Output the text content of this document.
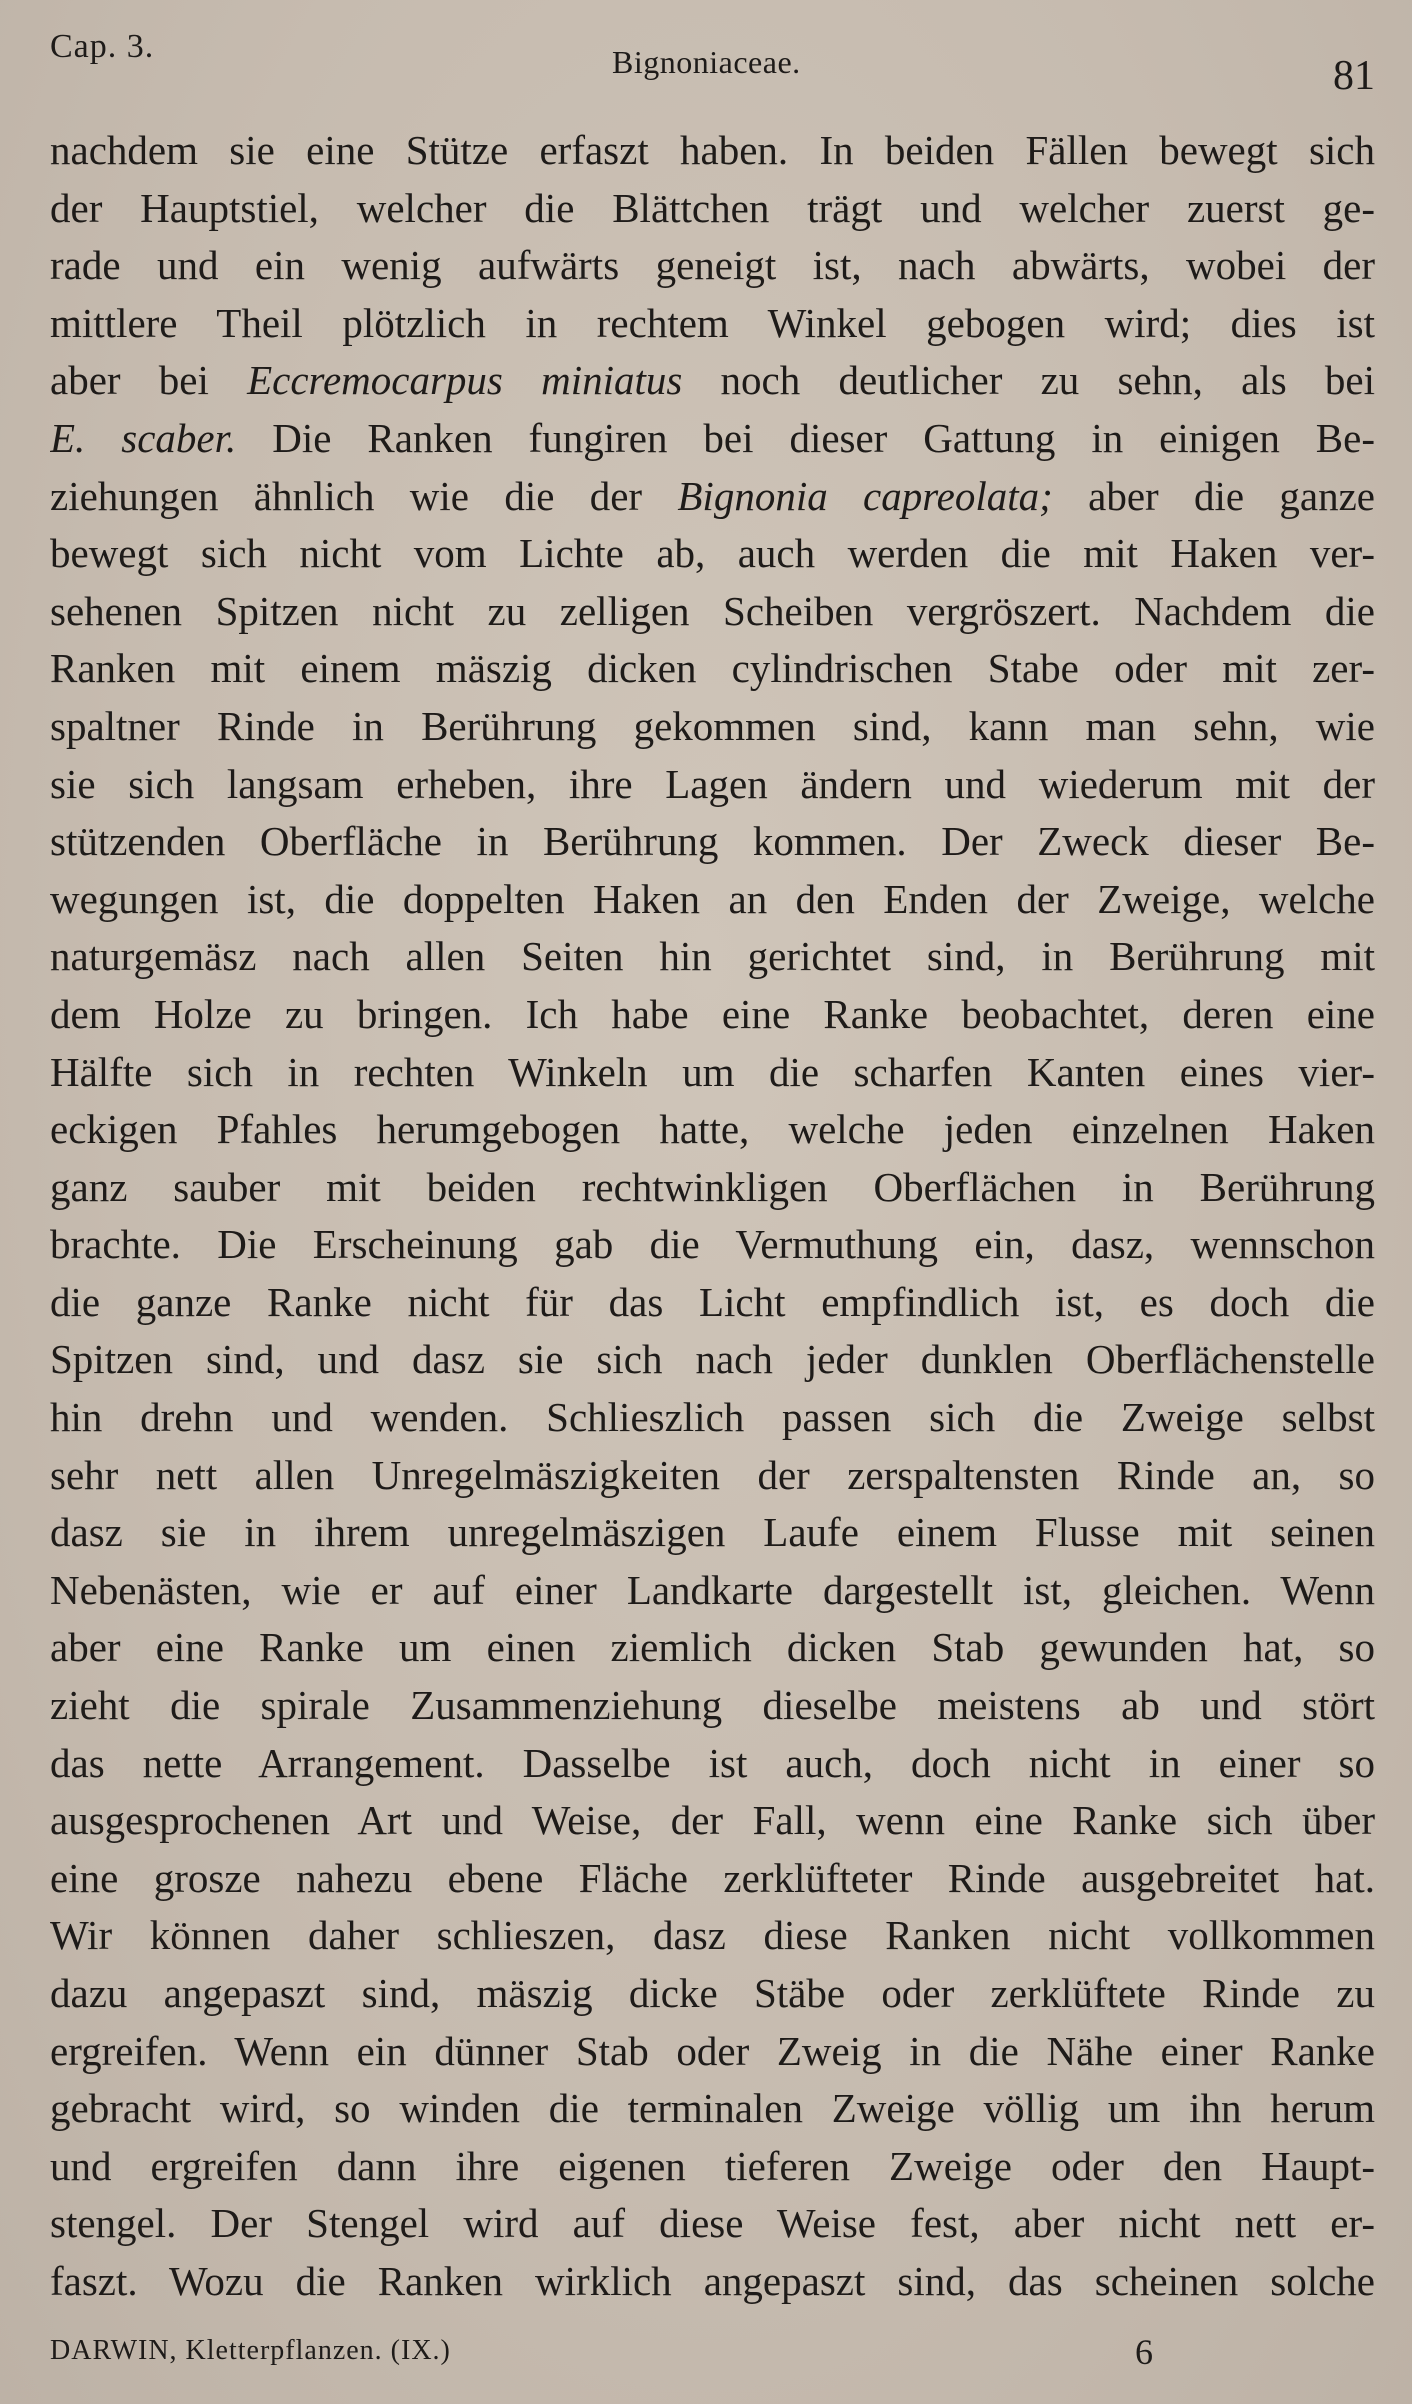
Cap. 3.	Bignoniaceae.	81
nachdem sie eine Stütze erfaszt haben. In beiden Fällen bewegt sich
der Hauptstiel, welcher die Blättchen trägt und welcher zuerst ge-
rade und ein wenig aufwärts geneigt ist, nach abwärts, wobei der
mittlere Theil plötzlich in rechtem Winkel gebogen wird; dies ist
aber bei Eccremocarpus miniatus noch deutlicher zu sehn, als bei
E. scaber. Die Ranken fungiren bei dieser Gattung in einigen Be-
ziehungen ähnlich wie die der Bignonia capreolata; aber die ganze
bewegt sich nicht vom Lichte ab, auch werden die mit Haken ver-
sehenen Spitzen nicht zu zelligen Scheiben vergröszert. Nachdem die
Ranken mit einem mäszig dicken cylindrischen Stabe oder mit zer-
spaltner Rinde in Berührung gekommen sind, kann man sehn, wie
sie sich langsam erheben, ihre Lagen ändern und wiederum mit der
stützenden Oberfläche in Berührung kommen. Der Zweck dieser Be-
wegungen ist, die doppelten Haken an den Enden der Zweige, welche
naturgemäsz nach allen Seiten hin gerichtet sind, in Berührung mit
dem Holze zu bringen. Ich habe eine Ranke beobachtet, deren eine
Hälfte sich in rechten Winkeln um die scharfen Kanten eines vier-
eckigen Pfahles herumgebogen hatte, welche jeden einzelnen Haken
ganz sauber mit beiden rechtwinkligen Oberflächen in Berührung
brachte. Die Erscheinung gab die Vermuthung ein, dasz, wennschon
die ganze Ranke nicht für das Licht empfindlich ist, es doch die
Spitzen sind, und dasz sie sich nach jeder dunklen Oberflächenstelle
hin drehn und wenden. Schlieszlich passen sich die Zweige selbst
sehr nett allen Unregelmäszigkeiten der zerspaltensten Rinde an, so
dasz sie in ihrem unregelmäszigen Laufe einem Flusse mit seinen
Nebenästen, wie er auf einer Landkarte dargestellt ist, gleichen. Wenn
aber eine Ranke um einen ziemlich dicken Stab gewunden hat, so
zieht die spirale Zusammenziehung dieselbe meistens ab und stört
das nette Arrangement. Dasselbe ist auch, doch nicht in einer so
ausgesprochenen Art und Weise, der Fall, wenn eine Ranke sich über
eine grosze nahezu ebene Fläche zerklüfteter Rinde ausgebreitet hat.
Wir können daher schlieszen, dasz diese Ranken nicht vollkommen
dazu angepaszt sind, mäszig dicke Stäbe oder zerklüftete Rinde zu
ergreifen. Wenn ein dünner Stab oder Zweig in die Nähe einer Ranke
gebracht wird, so winden die terminalen Zweige völlig um ihn herum
und ergreifen dann ihre eigenen tieferen Zweige oder den Haupt-
stengel. Der Stengel wird auf diese Weise fest, aber nicht nett er-
faszt. Wozu die Ranken wirklich angepaszt sind, das scheinen solche
DARWIN, Kletterpflanzen. (IX.)	6
